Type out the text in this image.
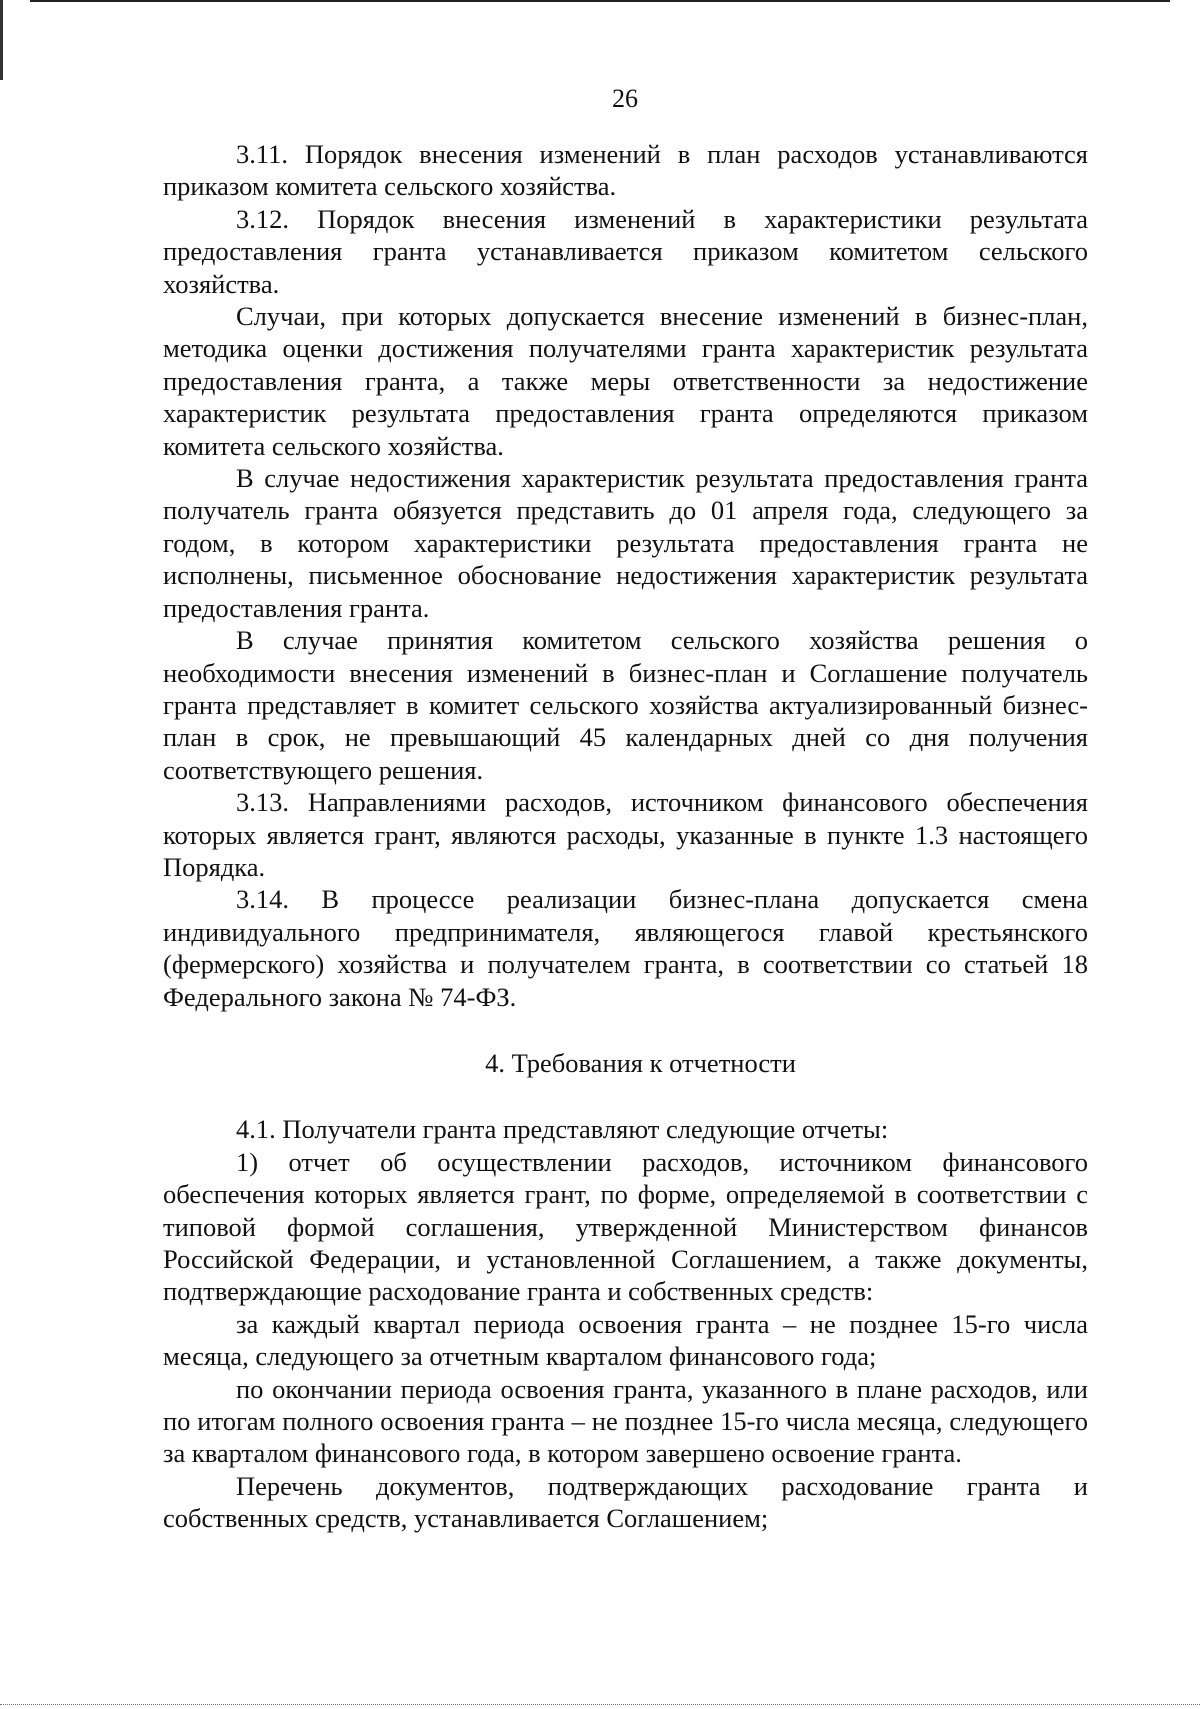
26

3.11. Порядок внесения изменений в план расходов устанавливаются приказом комитета сельского хозяйства.

3.12. Порядок внесения изменений в характеристики результата предоставления гранта устанавливается приказом комитетом сельского хозяйства.

Случаи, при которых допускается внесение изменений в бизнес-план, методика оценки достижения получателями гранта характеристик результата предоставления гранта, а также меры ответственности за недостижение характеристик результата предоставления гранта определяются приказом комитета сельского хозяйства.

В случае недостижения характеристик результата предоставления гранта получатель гранта обязуется представить до 01 апреля года, следующего за годом, в котором характеристики результата предоставления гранта не исполнены, письменное обоснование недостижения характеристик результата предоставления гранта.

В случае принятия комитетом сельского хозяйства решения о необходимости внесения изменений в бизнес-план и Соглашение получатель гранта представляет в комитет сельского хозяйства актуализированный бизнес-план в срок, не превышающий 45 календарных дней со дня получения соответствующего решения.

3.13. Направлениями расходов, источником финансового обеспечения которых является грант, являются расходы, указанные в пункте 1.3 настоящего Порядка.

3.14. В процессе реализации бизнес-плана допускается смена индивидуального предпринимателя, являющегося главой крестьянского (фермерского) хозяйства и получателем гранта, в соответствии со статьей 18 Федерального закона № 74-ФЗ.

4. Требования к отчетности

4.1. Получатели гранта представляют следующие отчеты:

1) отчет об осуществлении расходов, источником финансового обеспечения которых является грант, по форме, определяемой в соответствии с типовой формой соглашения, утвержденной Министерством финансов Российской Федерации, и установленной Соглашением, а также документы, подтверждающие расходование гранта и собственных средств:

за каждый квартал периода освоения гранта – не позднее 15-го числа месяца, следующего за отчетным кварталом финансового года;

по окончании периода освоения гранта, указанного в плане расходов, или по итогам полного освоения гранта – не позднее 15-го числа месяца, следующего за кварталом финансового года, в котором завершено освоение гранта.

Перечень документов, подтверждающих расходование гранта и собственных средств, устанавливается Соглашением;
